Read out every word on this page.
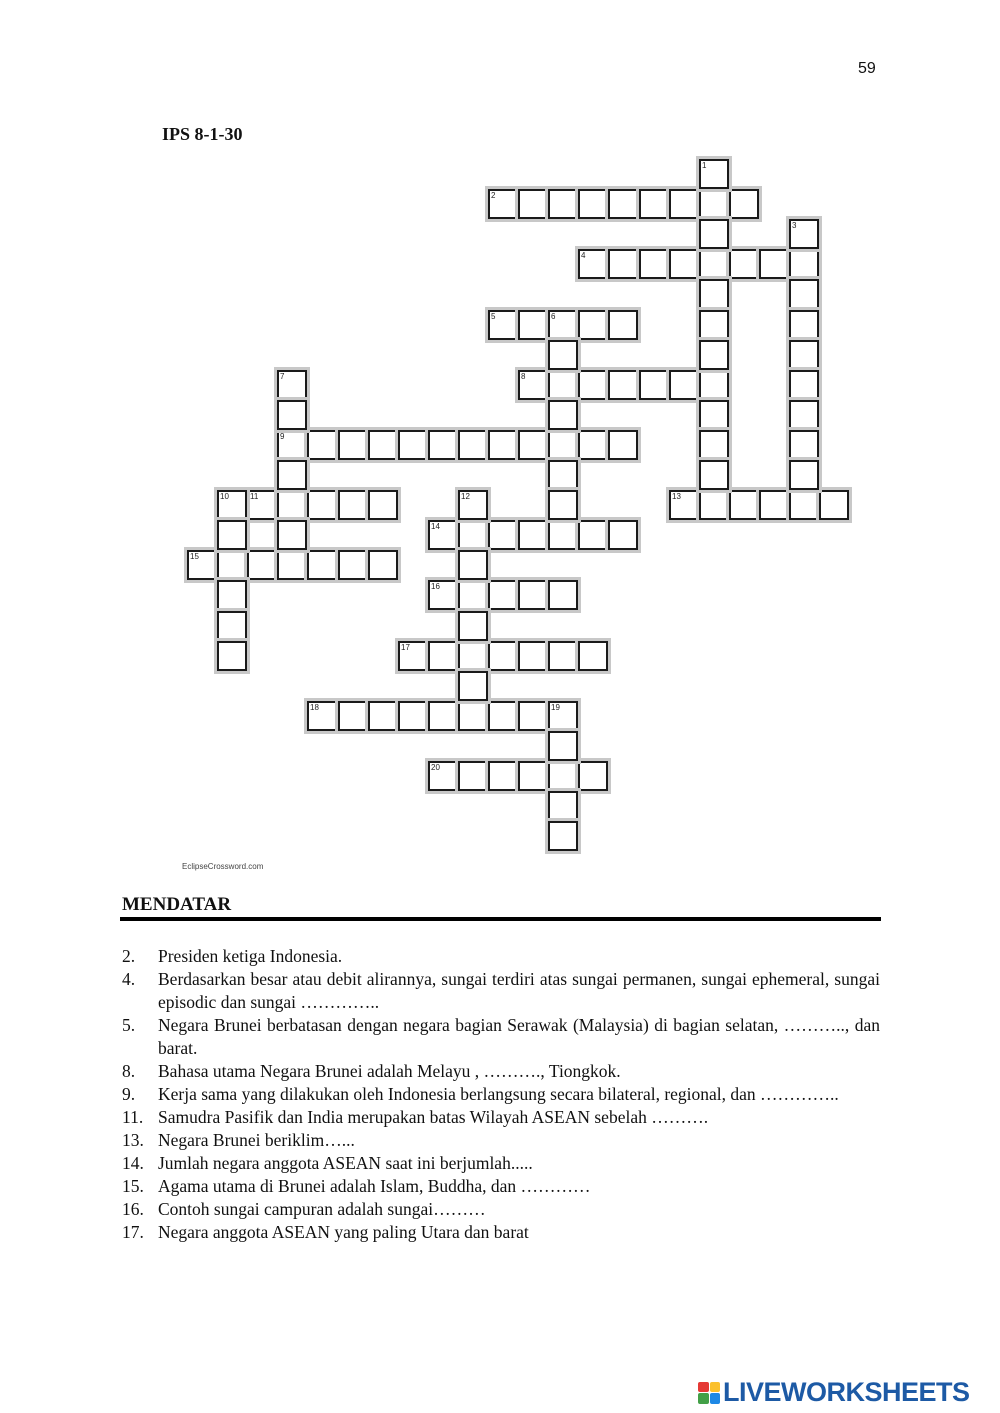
59
IPS 8-1-30
2
4
5	6
8
9
11	13
14
15
16
17
18	19
20
1
3
7
10	12
EclipseCrossword.com
MENDATAR
2.	Presiden ketiga Indonesia.
4.	Berdasarkan besar atau debit alirannya, sungai terdiri atas sungai permanen, sungai ephemeral, sungai episodic dan sungai …………..
5.	Negara Brunei berbatasan dengan negara bagian Serawak (Malaysia) di bagian selatan, ……….., dan barat.
8.	Bahasa utama Negara Brunei adalah Melayu , ………., Tiongkok.
9.	Kerja sama yang dilakukan oleh Indonesia berlangsung secara bilateral, regional, dan …………..
11. Samudra Pasifik dan India merupakan batas Wilayah ASEAN sebelah ……….
13. Negara Brunei beriklim…...
14. Jumlah negara anggota ASEAN saat ini berjumlah.....
15. Agama utama di Brunei adalah Islam, Buddha, dan …………
16. Contoh sungai campuran adalah sungai………
17. Negara anggota ASEAN yang paling Utara dan barat
LIVEWORKSHEETS
